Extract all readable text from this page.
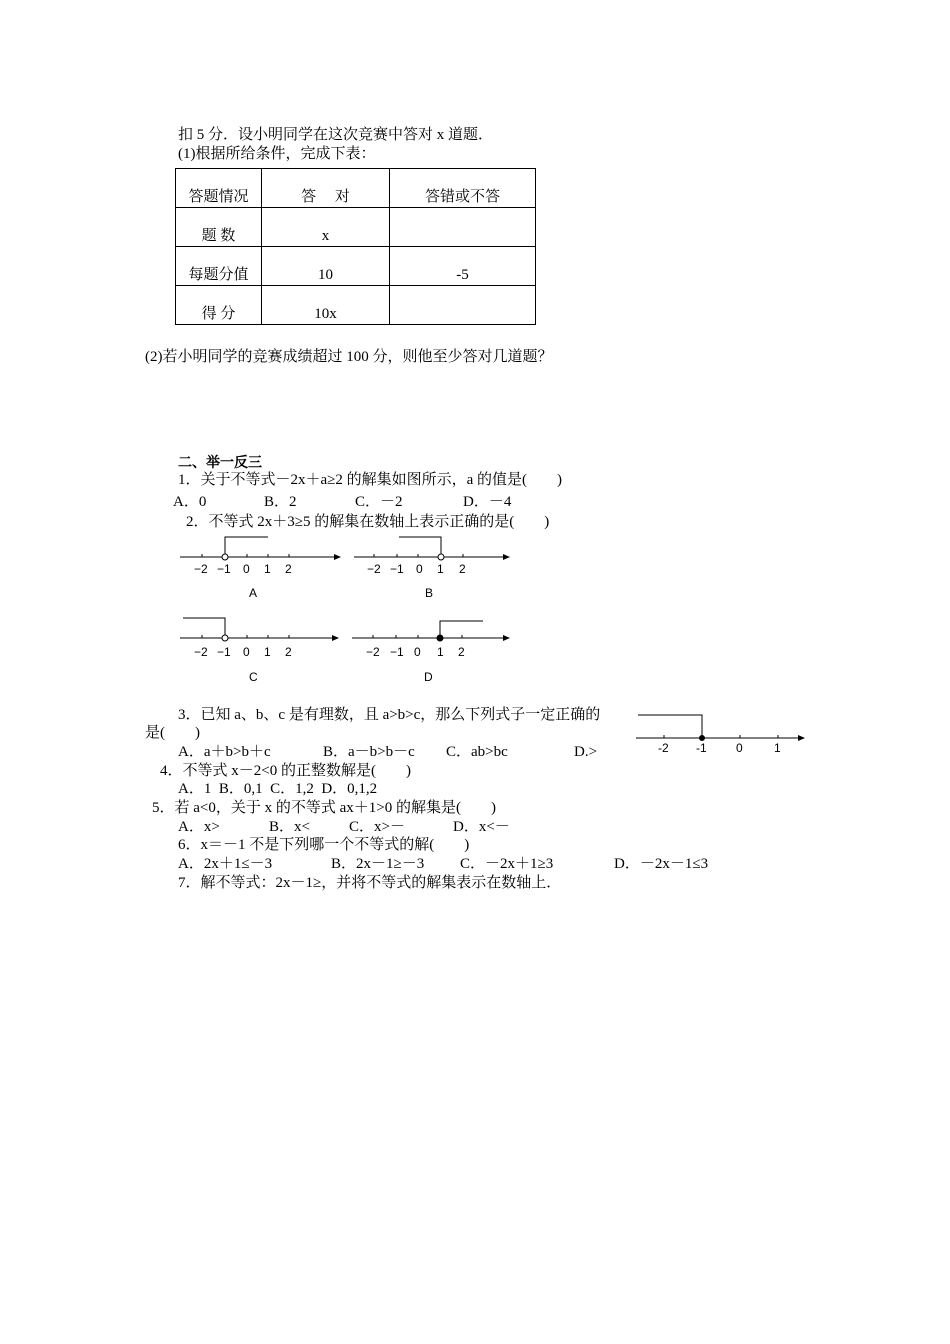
扣 5 分．设小明同学在这次竞赛中答对 x 道题．
(1)根据所给条件，完成下表：
答题情况	答　 对	答错或不答
题 数	x	
每题分值	10	-5
得 分	10x	
(2)若小明同学的竞赛成绩超过 100 分，则他至少答对几道题？
二、举一反三
1．关于不等式－2x＋a≥2 的解集如图所示，a 的值是(　　)
A．0	B．2	C．－2	D．－4
2．不等式 2x＋3≥5 的解集在数轴上表示正确的是(　　)
−2 −1 0 1 2
A
−2 −1 0 1 2
B
−2 −1 0 1 2
C
−2 −1 0 1 2
D
3．已知 a、b、c 是有理数，且 a>b>c，那么下列式子一定正确的
是(　　)
A．a＋b>b＋c	B．a－b>b－c C．ab>bc	D.>	-2 -1 0	1
4．不等式 x－2<0 的正整数解是(　　)
A．1  B．0,1  C．1,2  D．0,1,2
5．若 a<0，关于 x 的不等式 ax＋1>0 的解集是(　　)
A．x>	B．x<	C．x>－	D．x<－
6．x＝－1 不是下列哪一个不等式的解(　　)
A．2x＋1≤－3	B．2x－1≥－3 C．－2x＋1≥3	D．－2x－1≤3
7．解不等式：2x－1≥，并将不等式的解集表示在数轴上．
